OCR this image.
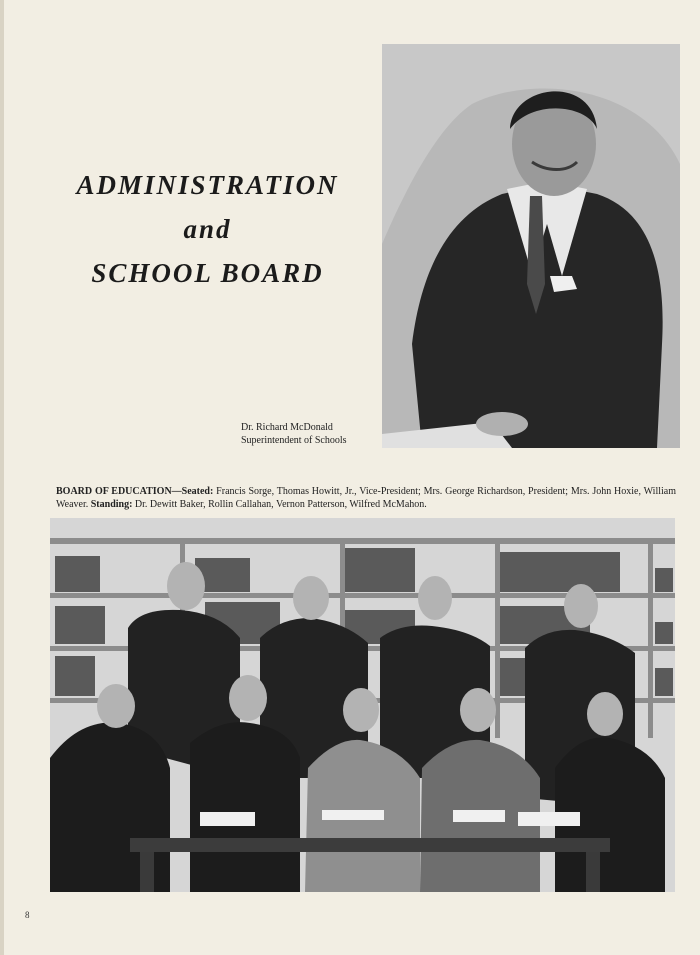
ADMINISTRATION
and
SCHOOL BOARD
Dr. Richard McDonald
Superintendent of Schools
BOARD OF EDUCATION—Seated: Francis Sorge, Thomas Howitt, Jr., Vice-President; Mrs. George Richardson, President; Mrs. John Hoxie, William Weaver. Standing: Dr. Dewitt Baker, Rollin Callahan, Vernon Patterson, Wilfred McMahon.
8
